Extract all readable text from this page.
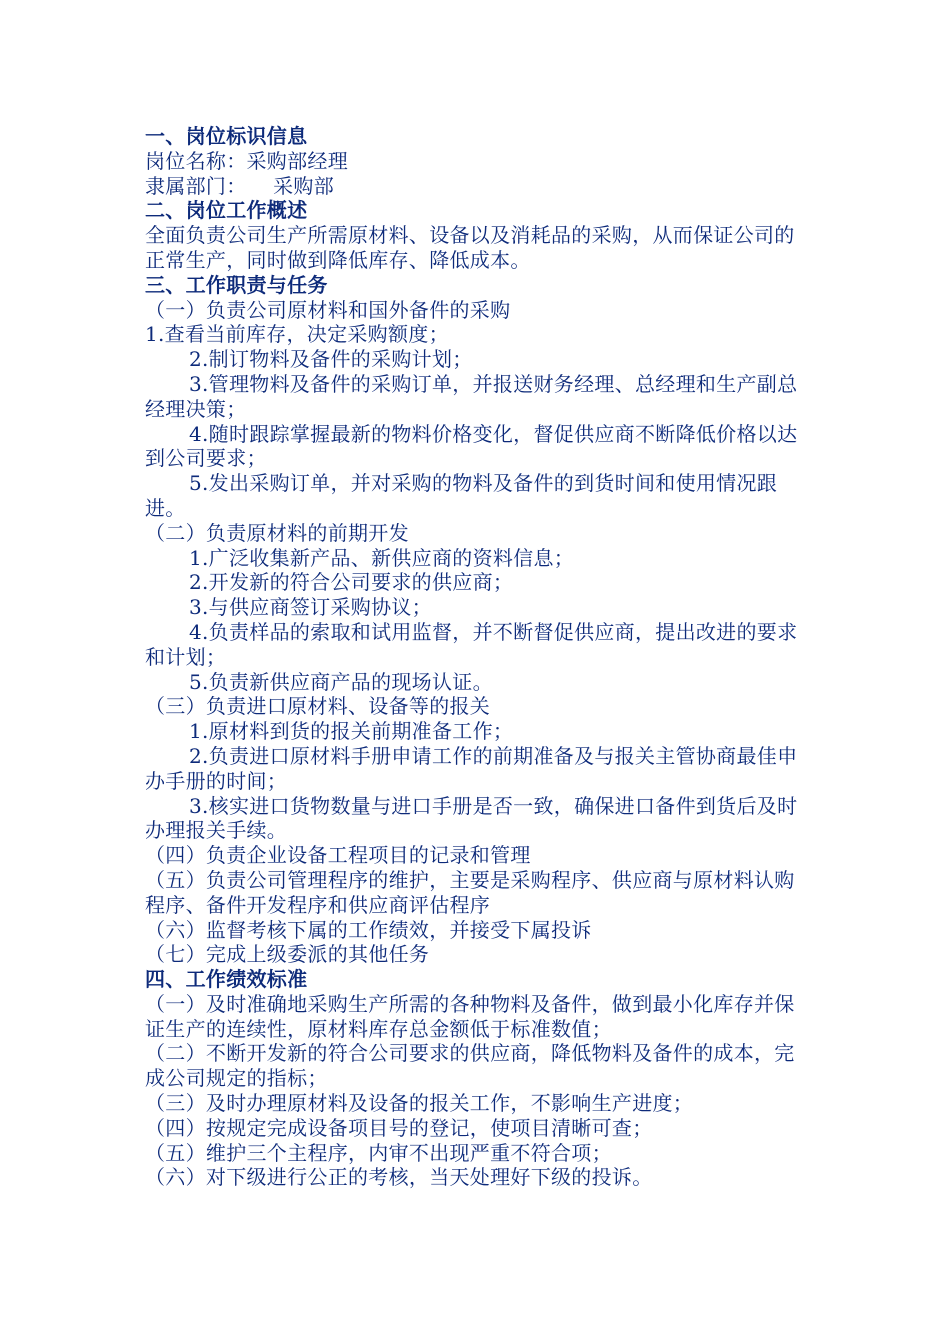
一、岗位标识信息

岗位名称：采购部经理

隶属部门：    采购部

二、岗位工作概述

全面负责公司生产所需原材料、设备以及消耗品的采购，从而保证公司的正常生产，同时做到降低库存、降低成本。

三、工作职责与任务

（一）负责公司原材料和国外备件的采购

1.查看当前库存，决定采购额度；

2.制订物料及备件的采购计划；

3.管理物料及备件的采购订单，并报送财务经理、总经理和生产副总经理决策；

4.随时跟踪掌握最新的物料价格变化，督促供应商不断降低价格以达到公司要求；

5.发出采购订单，并对采购的物料及备件的到货时间和使用情况跟进。

（二）负责原材料的前期开发

1.广泛收集新产品、新供应商的资料信息；

2.开发新的符合公司要求的供应商；

3.与供应商签订采购协议；

4.负责样品的索取和试用监督，并不断督促供应商，提出改进的要求和计划；

5.负责新供应商产品的现场认证。

（三）负责进口原材料、设备等的报关

1.原材料到货的报关前期准备工作；

2.负责进口原材料手册申请工作的前期准备及与报关主管协商最佳申办手册的时间；

3.核实进口货物数量与进口手册是否一致，确保进口备件到货后及时办理报关手续。

（四）负责企业设备工程项目的记录和管理

（五）负责公司管理程序的维护，主要是采购程序、供应商与原材料认购程序、备件开发程序和供应商评估程序

（六）监督考核下属的工作绩效，并接受下属投诉

（七）完成上级委派的其他任务

四、工作绩效标准

（一）及时准确地采购生产所需的各种物料及备件，做到最小化库存并保证生产的连续性，原材料库存总金额低于标准数值；

（二）不断开发新的符合公司要求的供应商，降低物料及备件的成本，完成公司规定的指标；

（三）及时办理原材料及设备的报关工作，不影响生产进度；

（四）按规定完成设备项目号的登记，使项目清晰可查；

（五）维护三个主程序，内审不出现严重不符合项；

（六）对下级进行公正的考核，当天处理好下级的投诉。
